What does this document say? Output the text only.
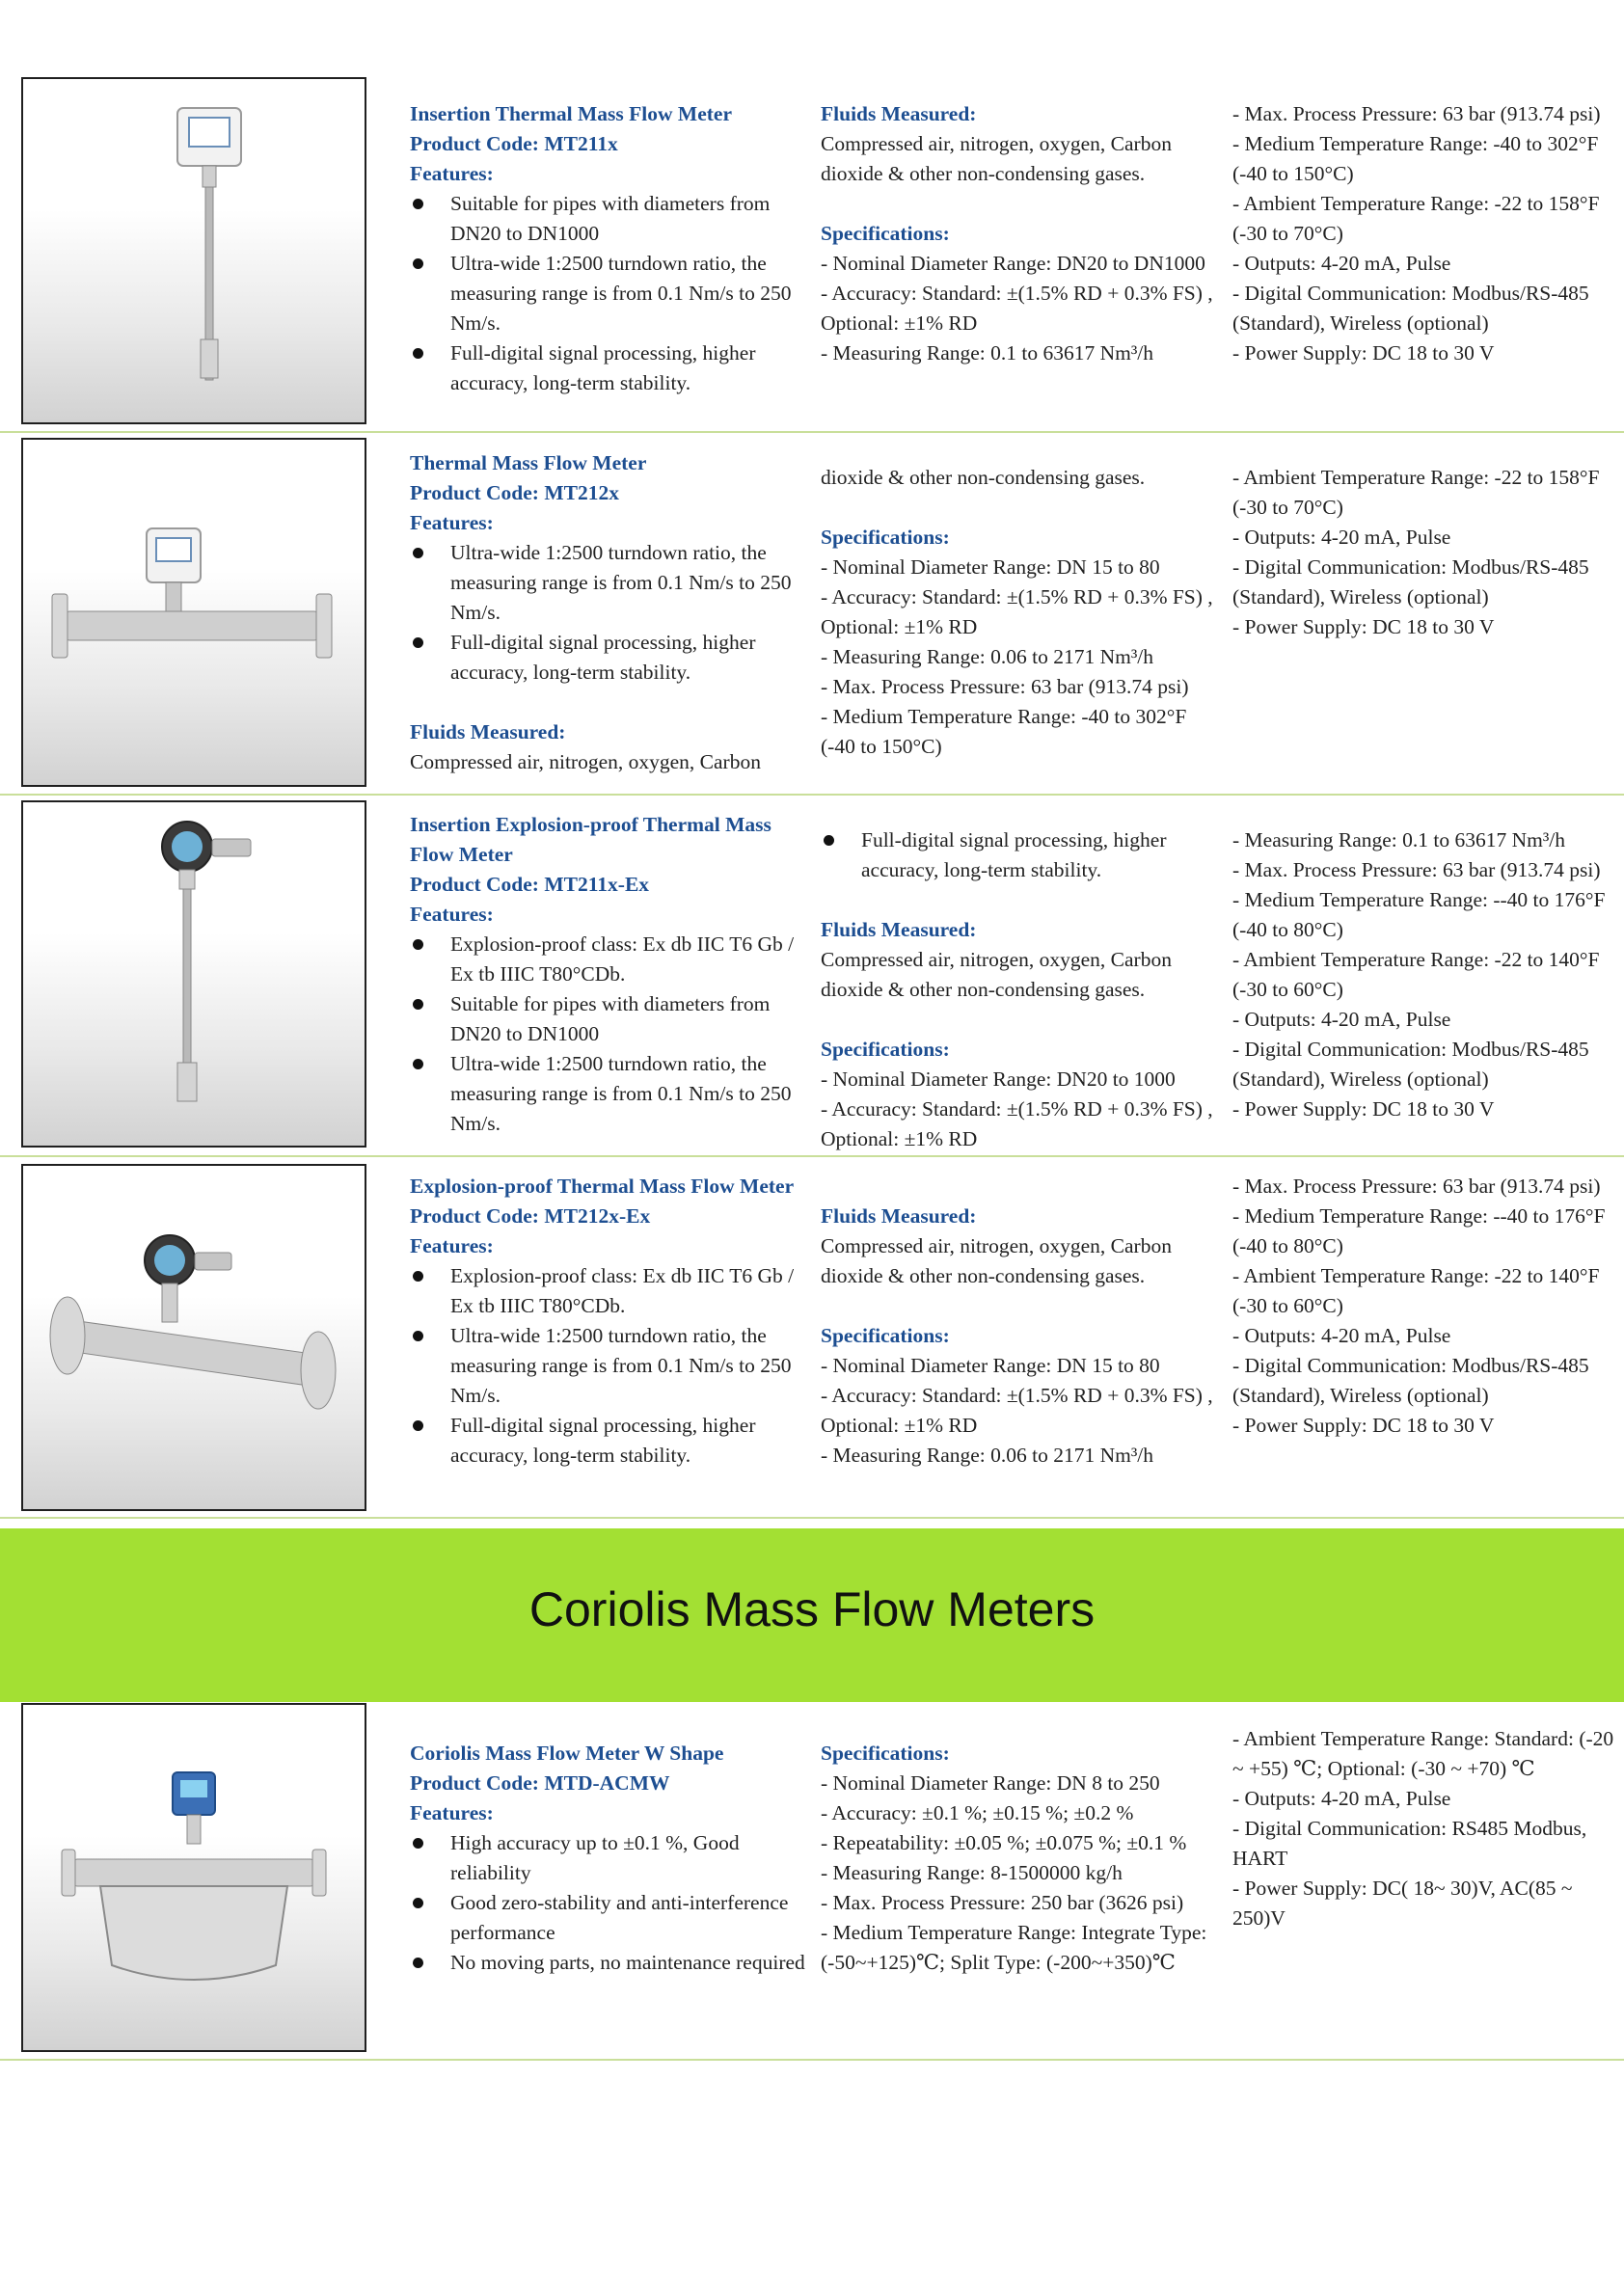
Insertion Thermal Mass Flow Meter
Product Code: MT211x
Features:
Suitable for pipes with diameters from DN20 to DN1000
Ultra-wide 1:2500 turndown ratio, the measuring range is from 0.1 Nm/s to 250 Nm/s.
Full-digital signal processing, higher accuracy, long-term stability.
Fluids Measured:
Compressed air, nitrogen, oxygen, Carbon dioxide & other non-condensing gases.
Specifications:
- Nominal Diameter Range: DN20 to DN1000
- Accuracy: Standard: ±(1.5% RD + 0.3% FS) , Optional: ±1% RD
- Measuring Range: 0.1 to 63617 Nm³/h
- Max. Process Pressure: 63 bar (913.74 psi)
- Medium Temperature Range: -40 to 302°F (-40 to 150°C)
- Ambient Temperature Range: -22 to 158°F (-30 to 70°C)
- Outputs: 4-20 mA, Pulse
- Digital Communication: Modbus/RS-485 (Standard), Wireless (optional)
- Power Supply: DC 18 to 30 V
Thermal Mass Flow Meter
Product Code: MT212x
Features:
Ultra-wide 1:2500 turndown ratio, the measuring range is from 0.1 Nm/s to 250 Nm/s.
Full-digital signal processing, higher accuracy, long-term stability.
Fluids Measured:
Compressed air, nitrogen, oxygen, Carbon
dioxide & other non-condensing gases.
Specifications:
- Nominal Diameter Range: DN 15 to 80
- Accuracy: Standard: ±(1.5% RD + 0.3% FS) , Optional: ±1% RD
- Measuring Range: 0.06 to 2171 Nm³/h
- Max. Process Pressure: 63 bar (913.74 psi)
- Medium Temperature Range: -40 to 302°F (-40 to 150°C)
- Ambient Temperature Range: -22 to 158°F (-30 to 70°C)
- Outputs: 4-20 mA, Pulse
- Digital Communication: Modbus/RS-485 (Standard), Wireless (optional)
- Power Supply: DC 18 to 30 V
Insertion Explosion-proof Thermal Mass Flow Meter
Product Code: MT211x-Ex
Features:
Explosion-proof class: Ex db IIC T6 Gb / Ex tb IIIC T80°CDb.
Suitable for pipes with diameters from DN20 to DN1000
Ultra-wide 1:2500 turndown ratio, the measuring range is from 0.1 Nm/s to 250 Nm/s.
Full-digital signal processing, higher accuracy, long-term stability.
Fluids Measured:
Compressed air, nitrogen, oxygen, Carbon dioxide & other non-condensing gases.
Specifications:
- Nominal Diameter Range: DN20 to 1000
- Accuracy: Standard: ±(1.5% RD + 0.3% FS) , Optional: ±1% RD
- Measuring Range: 0.1 to 63617 Nm³/h
- Max. Process Pressure: 63 bar (913.74 psi)
- Medium Temperature Range: --40 to 176°F (-40 to 80°C)
- Ambient Temperature Range: -22 to 140°F (-30 to 60°C)
- Outputs: 4-20 mA, Pulse
- Digital Communication: Modbus/RS-485 (Standard), Wireless (optional)
- Power Supply: DC 18 to 30 V
Explosion-proof Thermal Mass Flow Meter
Product Code: MT212x-Ex
Features:
Explosion-proof class: Ex db IIC T6 Gb / Ex tb IIIC T80°CDb.
Ultra-wide 1:2500 turndown ratio, the measuring range is from 0.1 Nm/s to 250 Nm/s.
Full-digital signal processing, higher accuracy, long-term stability.
Fluids Measured:
Compressed air, nitrogen, oxygen, Carbon dioxide & other non-condensing gases.
Specifications:
- Nominal Diameter Range: DN 15 to 80
- Accuracy: Standard: ±(1.5% RD + 0.3% FS) , Optional: ±1% RD
- Measuring Range: 0.06 to 2171 Nm³/h
- Max. Process Pressure: 63 bar (913.74 psi)
- Medium Temperature Range: --40 to 176°F (-40 to 80°C)
- Ambient Temperature Range: -22 to 140°F (-30 to 60°C)
- Outputs: 4-20 mA, Pulse
- Digital Communication: Modbus/RS-485 (Standard), Wireless (optional)
- Power Supply: DC 18 to 30 V
Coriolis Mass Flow Meters
Coriolis Mass Flow Meter W Shape
Product Code: MTD-ACMW
Features:
High accuracy up to ±0.1 %, Good reliability
Good zero-stability and anti-interference performance
No moving parts, no maintenance required
Specifications:
- Nominal Diameter Range: DN 8 to 250
- Accuracy: ±0.1 %; ±0.15 %; ±0.2 %
- Repeatability: ±0.05 %; ±0.075 %; ±0.1 %
- Measuring Range: 8-1500000 kg/h
- Max. Process Pressure: 250 bar (3626 psi)
- Medium Temperature Range: Integrate Type: (-50~+125)℃; Split Type: (-200~+350)℃
- Ambient Temperature Range: Standard: (-20 ~ +55) ℃; Optional: (-30 ~ +70) ℃
- Outputs: 4-20 mA, Pulse
- Digital Communication: RS485 Modbus, HART
- Power Supply: DC( 18~ 30)V, AC(85 ~ 250)V
